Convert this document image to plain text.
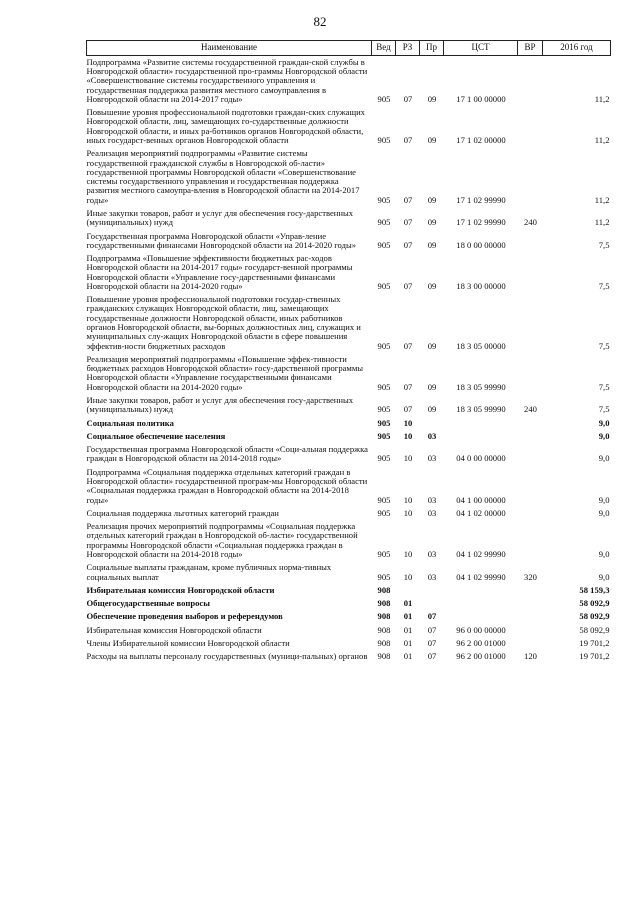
82
Наименование	Вед	РЗ	Пр	ЦСТ	ВР	2016 год
Подпрограмма «Развитие системы государственной граждан-ской службы в Новгородской области» государственной про-граммы Новгородской области «Совершенствование системы государственного управления и государственная поддержка развития местного самоуправления в Новгородской области на 2014-2017 годы»	905	07	09	17 1 00 00000		11,2
Повышение уровня профессиональной подготовки граждан-ских служащих Новгородской области, лиц, замещающих го-сударственные должности Новгородской области, и иных ра-ботников органов Новгородской области, иных государст-венных органов Новгородской области	905	07	09	17 1 02 00000		11,2
Реализация мероприятий подпрограммы «Развитие системы государственной гражданской службы в Новгородской об-ласти» государственной программы Новгородской области «Совершенствование системы государственного управления и государственная поддержка развития местного самоупра-вления в Новгородской области на 2014-2017 годы»	905	07	09	17 1 02 99990		11,2
Иные закупки товаров, работ и услуг для обеспечения госу-дарственных (муниципальных) нужд	905	07	09	17 1 02 99990	240	11,2
Государственная программа Новгородской области «Управ-ление государственными финансами Новгородской области на 2014-2020 годы»	905	07	09	18 0 00 00000		7,5
Подпрограмма «Повышение эффективности бюджетных рас-ходов Новгородской области на 2014-2017 годы» государст-венной программы Новгородской области «Управление госу-дарственными финансами Новгородской области на 2014-2020 годы»	905	07	09	18 3 00 00000		7,5
Повышение уровня профессиональной подготовки государ-ственных гражданских служащих Новгородской области, лиц, замещающих государственные должности Новгородской области, иных работников органов Новгородской области, вы-борных должностных лиц, служащих и муниципальных слу-жащих Новгородской области в сфере повышения эффектив-ности бюджетных расходов	905	07	09	18 3 05 00000		7,5
Реализация мероприятий подпрограммы «Повышение эффек-тивности бюджетных расходов Новгородской области» госу-дарственной программы Новгородской области «Управление государственными финансами Новгородской области на 2014-2020 годы»	905	07	09	18 3 05 99990		7,5
Иные закупки товаров, работ и услуг для обеспечения госу-дарственных (муниципальных) нужд	905	07	09	18 3 05 99990	240	7,5
Социальная политика	905	10				9,0
Социальное обеспечение населения	905	10	03			9,0
Государственная программа Новгородской области «Соци-альная поддержка граждан в Новгородской области на 2014-2018 годы»	905	10	03	04 0 00 00000		9,0
Подпрограмма «Социальная поддержка отдельных категорий граждан в Новгородской области» государственной програм-мы Новгородской области «Социальная поддержка граждан в Новгородской области на 2014-2018 годы»	905	10	03	04 1 00 00000		9,0
Социальная поддержка льготных категорий граждан	905	10	03	04 1 02 00000		9,0
Реализация прочих мероприятий подпрограммы «Социальная поддержка отдельных категорий граждан в Новгородской об-ласти» государственной программы Новгородской области «Социальная поддержка граждан в Новгородской области на 2014-2018 годы»	905	10	03	04 1 02 99990		9,0
Социальные выплаты гражданам, кроме публичных норма-тивных социальных выплат	905	10	03	04 1 02 99990	320	9,0
Избирательная комиссия Новгородской области	908					58 159,3
Общегосударственные вопросы	908	01				58 092,9
Обеспечение проведения выборов и референдумов	908	01	07			58 092,9
Избирательная комиссия Новгородской области	908	01	07	96 0 00 00000		58 092,9
Члены Избирательной комиссии Новгородской области	908	01	07	96 2 00 01000		19 701,2
Расходы на выплаты персоналу государственных (муници-пальных) органов	908	01	07	96 2 00 01000	120	19 701,2
